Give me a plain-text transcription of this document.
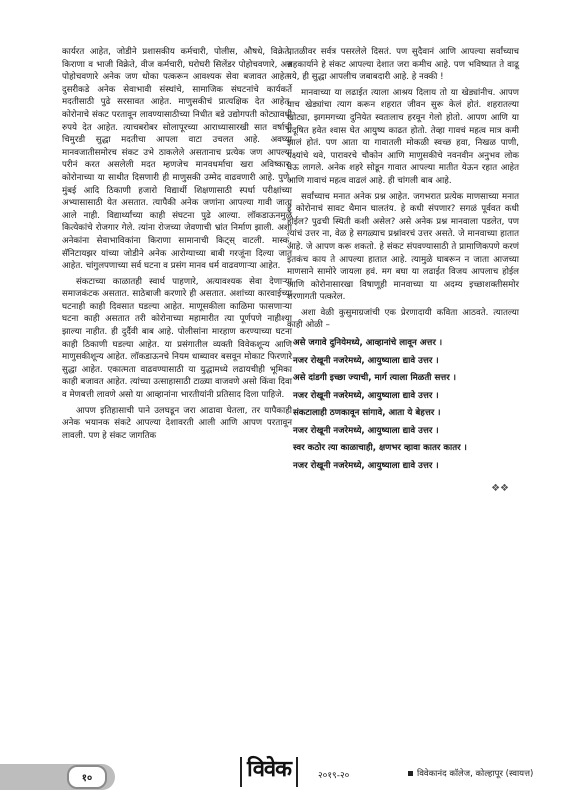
कार्यरत आहेत, जोडीने प्रशासकीय कर्मचारी, पोलीस, औषधे, विक्रेते, किराणा व भाजी विक्रेते, वीज कर्मचारी, घरोघरी सिलेंडर पोहोचवणारे, अन्न पोहोचवणारे अनेक जण धोका पत्करून आवश्यक सेवा बजावत आहेत. दुसरीकडे अनेक सेवाभावी संस्थांचे, सामाजिक संघटनांचे कार्यकर्ते मदतीसाठी पुढे सरसावत आहेत. माणुसकीचं प्रात्यक्षिक देत आहेत. कोरोनाचे संकट परतावून लावण्यासाठीच्या निधीत बडे उद्योगपती कोट्यावधी रुपये देत आहेत. त्याचबरोबर सोलापूरच्या आराध्यासारखी सात वर्षाची चिमुरडी सुद्धा मदतीचा आपला वाटा उचलत आहे. अवघ्या मानवजातीसमोरच संकट उभे ठाकलेले असतानाच प्रत्येक जण आपल्या परीनं करत असलेली मदत म्हणजेच मानवधर्माचा खरा अविष्कार. कोरोनाच्या या साथीत दिसणारी ही माणुसकी उम्मेद वाढवणारी आहे. पुणे, मुंबई आदि ठिकाणी हजारो विद्यार्थी शिक्षणासाठी स्पर्धा परीक्षांच्या अभ्यासासाठी येत असतात. त्यापैकी अनेक जणांना आपल्या गावी जाता आले नाही. विद्यार्थ्यांच्या काही संघटना पुढे आल्या. लॉकडाऊनमुळे कित्येकांचे रोजगार गेले. त्यांना रोजच्या जेवणाची भ्रांत निर्माण झाली. अशा अनेकांना सेवाभाविकांना किराणा सामानाची किट्स् वाटली. मास्क, सॅनिटायझर यांच्या जोडीने अनेक आरोग्याच्या बाबी गरजूंना दिल्या जात आहेत. चांगुलपणाच्या सर्व घटना व प्रसंग मानव धर्म वाढवणाऱ्या आहेत.

संकटाच्या काळातही स्वार्थ पाहणारे, अत्यावश्यक सेवा देणाऱ्या समाजकंटक असतात. साठेबाजी करणारे ही असतात. अशांच्या कारवाईच्या घटनाही काही दिवसात घडल्या आहेत. माणूसकीला काळिमा फासणाऱ्या घटना काही असतात तरी कोरोनाच्या महामारीत त्या पूर्णपणे नाहीश्या झाल्या नाहीत. ही दुर्दैवी बाब आहे. पोलीसांना मारहाण करण्याच्या घटना काही ठिकाणी घडल्या आहेत. या प्रसंगातील व्यक्ती विवेकशून्य आणि माणुसकीशून्य आहेत. लॉकडाऊनचे नियम धाब्यावर बसवून मोकाट फिरणारे सुद्धा आहेत. एकात्मता वाढवण्यासाठी या युद्धामध्ये लढायचीही भूमिका काही बजावत आहेत. त्यांच्या उत्साहासाठी टाळ्या वाजवणे असो किंवा दिवा व मेणबत्ती लावणे असो या आव्हानांना भारतीयांनी प्रतिसाद दिला पाहिजे.

आपण इतिहासाची पाने उलघडून जरा आढावा घेतला, तर यापैकाही अनेक भयानक संकटे आपल्या देशावरती आली आणि आपण परतावून लावली. पण हे संकट जागतिक

पातळीवर सर्वत्र पसरलेले दिसतं. पण सुदैवानं आणि आपल्या सर्वांच्याच सहकार्याने हे संकट आपल्या देशात जरा कमीच आहे. पण भविष्यात ते वाढू नये, ही सुद्धा आपलीच जबाबदारी आहे. हे नक्की !

मानवाच्या या लढाईत त्याला आश्रय दिलाय तो या खेड्यांनीच. आपण याच खेड्यांचा त्याग करून शहरात जीवन सुरू केलं होतं. शहरातल्या खोट्या, झगमगच्या दुनियेत स्वतःलाच हरवून गेलो होतो. आपण आणि या प्रदूषित हवेत श्वास घेत आयुष्य काढत होतो. तेव्हा गावचं महत्व मात्र कमी झालं होतं. पण आता या गावातली मोकळी स्वच्छ हवा, निखळ पाणी, पक्ष्यांचे थवे, पारावरचे चौकोन आणि माणुसकीचे नवनवीन अनुभव लोक घेऊ लागले. अनेक शहरे सोडून गावात आपल्या मातीत येऊन रहात आहेत आणि गावाचं महत्व वाढलं आहे. ही चांगली बाब आहे.

सर्वांच्याच मनात अनेक प्रश्न आहेत. जगभरात प्रत्येक माणसाच्या मनात हे कोरोनाचं सावट थैमान घालतंय. हे कधी संपणार? सगळं पूर्ववत कधी होईल? पुढची स्थिती कशी असेल? असे अनेक प्रश्न मानवाला पडलेत, पण त्यांचं उत्तर ना, वेळ हे सगळ्याच प्रश्नांवरचं उत्तर असते. जे मानवाच्या हातात आहे. जे आपण करू शकतो. हे संकट संपवण्यासाठी ते प्रामाणिकपणे करणं इतकंच काय ते आपल्या हातात आहे. त्यामुळे घाबरून न जाता आजच्या माणसाने सामोरे जायला हवं. मग बघा या लढाईत विजय आपलाच होईल आणि कोरोनासारखा विषाणूही मानवाच्या या अदम्य इच्छाशक्तीसमोर शरणागती पत्करेल.

अशा वेळी कुसुमाग्रजांची एक प्रेरणादायी कविता आठवते. त्यातल्या काही ओळी –

असे जगावे दुनियेमध्ये, आव्हानांचे लावून अत्तर ।
नजर रोखूनी नजरेमध्ये, आयुष्याला द्यावे उत्तर ।
असे दांडगी इच्छा ज्याची, मार्ग त्याला मिळती सत्तर ।
नजर रोखूनी नजरेमध्ये, आयुष्याला द्यावे उत्तर ।
संकटालाही ठणकावून सांगावे, आता ये बेहत्तर ।
नजर रोखूनी नजरेमध्ये, आयुष्याला द्यावे उत्तर ।
स्वर कठोर त्या काळाचाही, क्षणभर व्हावा कातर कातर ।
नजर रोखूनी नजरेमध्ये, आयुष्याला द्यावे उत्तर ।
❖❖
१०	विवेक	२०१९-२०	विवेकानंद कॉलेज, कोल्हापूर (स्वायत्त)
